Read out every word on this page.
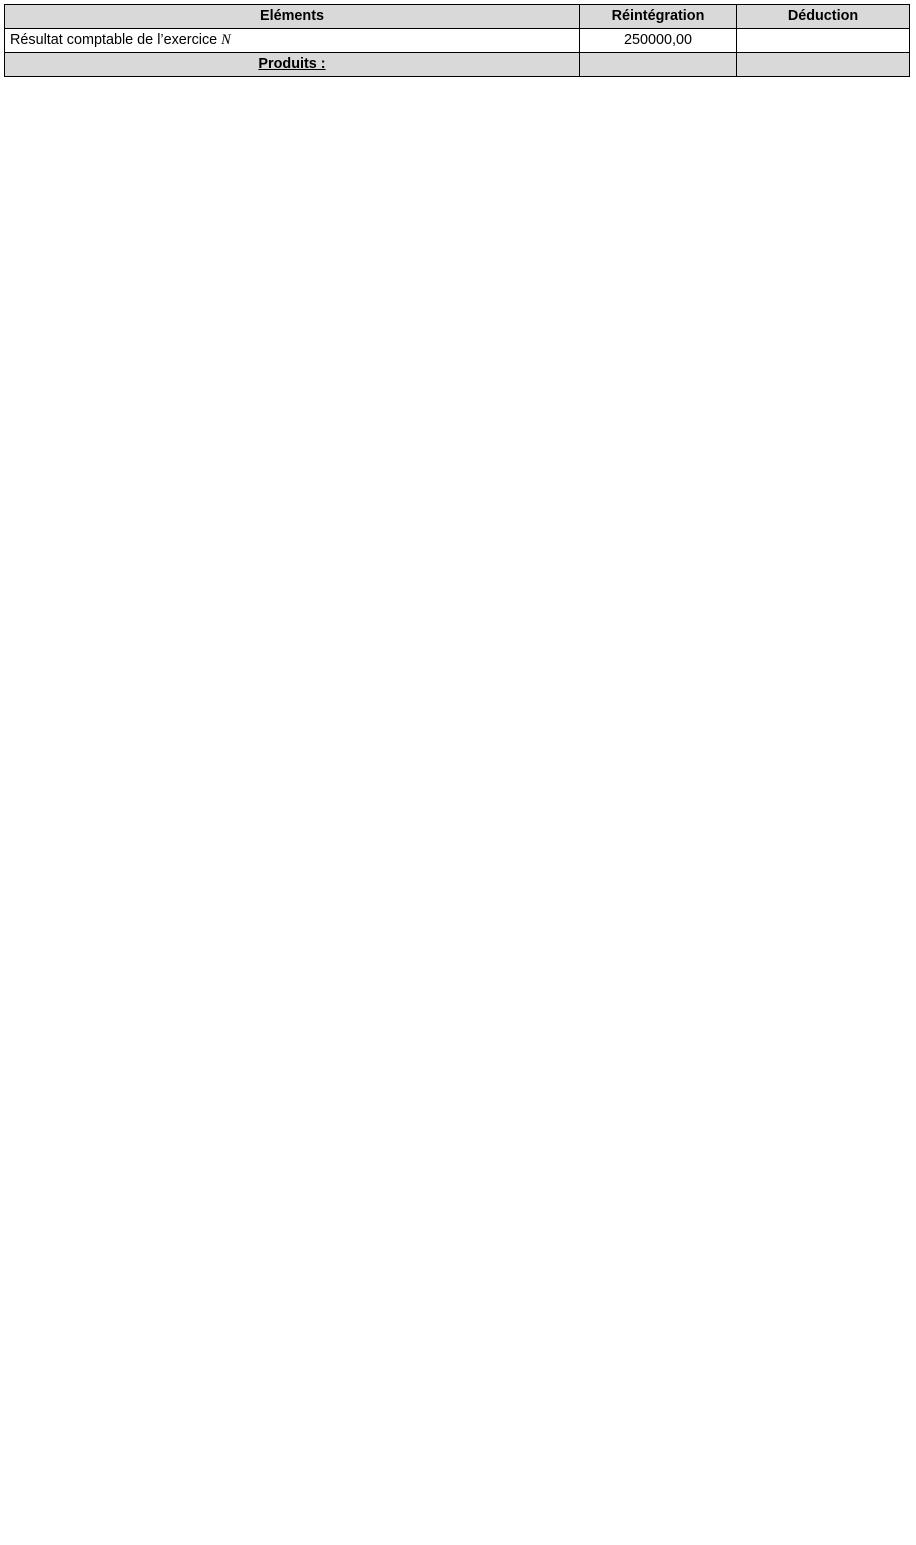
Eléments	Réintégration	Déduction
Résultat comptable de l’exercice N	250000,00	
Produits :		
